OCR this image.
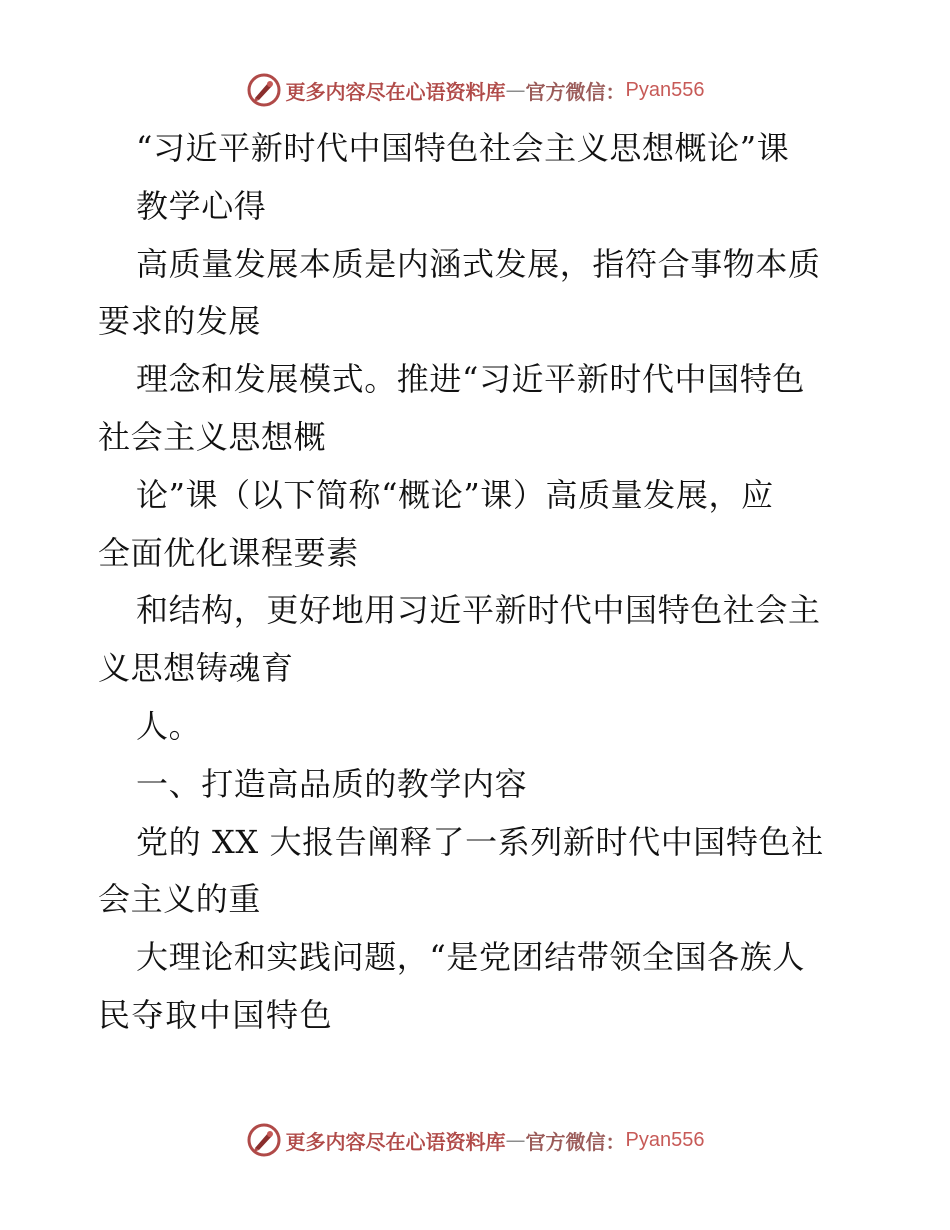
更多内容尽在心语资料库 — 官方微信： Pyan556
“习近平新时代中国特色社会主义思想概论”课
教学心得
高质量发展本质是内涵式发展，指符合事物本质
要求的发展
理念和发展模式。推进“习近平新时代中国特色
社会主义思想概
论”课（以下简称“概论”课）高质量发展，应
全面优化课程要素
和结构，更好地用习近平新时代中国特色社会主
义思想铸魂育
人。
一、打造高品质的教学内容
党的 XX 大报告阐释了一系列新时代中国特色社
会主义的重
大理论和实践问题，“是党团结带领全国各族人
民夺取中国特色
更多内容尽在心语资料库 — 官方微信： Pyan556
